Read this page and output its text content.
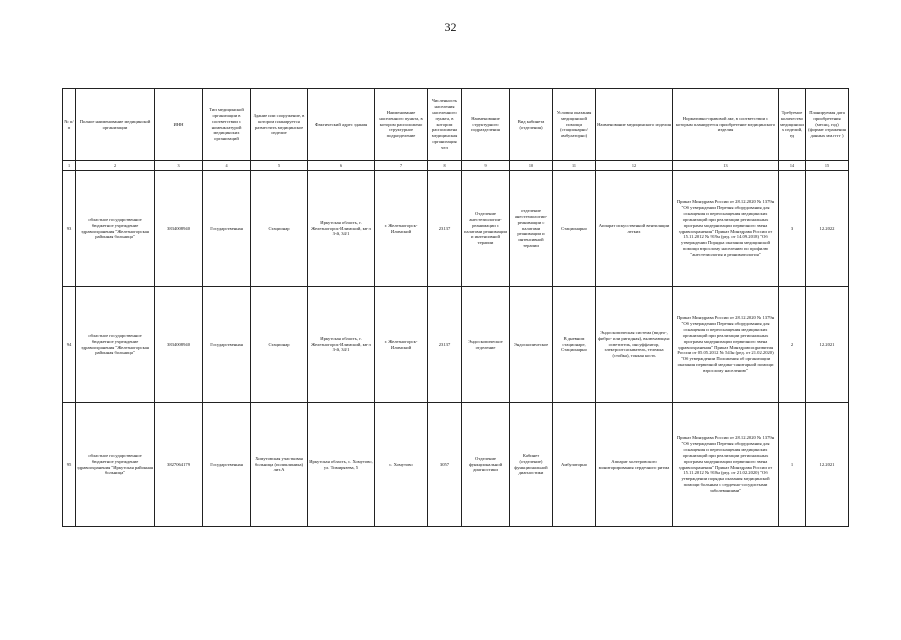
32
№ п/п	Полное наименование медицинской организации	ИНН	Тип медицинской организации в соответствии с номенклатурой медицинских организаций	Здание или сооружение, в котором планируется разместить медицинское изделие	Фактический адрес здания	Наименование населенного пункта, в котором расположено структурное подразделение	Численность населения населенного пункта, в котором расположена медицинская организация чел	Наименование структурного подразделения	Вид кабинета (отделения)	Условия оказания медицинской помощи (стационарно/амбулаторно)	Наименование медицинского изделия	Нормативно-правовой акт, в соответствии с которым планируется приобретение медицинского изделия	Требуемое количество медицинских изделий, ед	Планируемая дата приобретения (месяц, год) (формат отражения данных мм.гггг )
1	2	3	4	5	6	7	8	9	10	11	12	13	14	15
93	областное государственное бюджетное учреждение здравоохранения "Железногорская районная больница"	3834008940	Государственная	Стационар	Иркутская область, г. Железногорск-Илимский, кв-л 3-й, 34/1	г. Железногорск-Илимский	23137	Отделение анестезиологии-реанимации с палатами реанимации и интенсивной терапии	отделение анестезиологии-реанимации с палатами реанимации и интенсивной терапии	Стационарно	Аппарат искусственной вентиляции легких	Приказ Минздрава России от 28.12.2020 № 1379н "Об утверждении Перечня оборудования для оснащения и переоснащения медицинских организаций при реализации региональных программ модернизации первичного звена здравоохранения" Приказ Минздрава России от 15.11.2012 № 919н (ред. от 14.09.2018) "Об утверждении Порядка оказания медицинской помощи взрослому населению по профилю "анестезиология и реаниматология"	3	12.2022
94	областное государственное бюджетное учреждение здравоохранения "Железногорская районная больница"	3834008940	Государственная	Стационар	Иркутская область, г. Железногорск-Илимский, кв-л 3-й, 34/1	г. Железногорск-Илимский	23137	Эндоскопическое отделение	Эндоскопическое	В дневном стационаре, Стационарно	Эндоскопическая система (видео-, фибро- или ригидная), включающая: осветитель, инсуффлятор, электроотсасыватель, тележка (стойка), тонкая кость	Приказ Минздрава России от 28.12.2020 № 1379н "Об утверждении Перечня оборудования для оснащения и переоснащения медицинских организаций при реализации региональных программ модернизации первичного звена здравоохранения" Приказ Минздравсоцразвития России от 05.05.2012 № 543н (ред. от 21.02.2020) "Об утверждении Положения об организации оказания первичной медико-санитарной помощи взрослому населению"	2	12.2021
95	областное государственное бюджетное учреждение здравоохранения "Иркутская районная больница"	3827064179	Государственная	Хомутовская участковая больница (поликлиника) лит.А	Иркутская область, с. Хомутово, ул. Тимирязева, 5	с. Хомутово	3057	Отделение функциональной диагностики	Кабинет (отделение) функциональной диагностики	Амбулаторно	Аппарат холтеровского мониторирования сердечного ритма	Приказ Минздрава России от 28.12.2020 № 1379н "Об утверждении Перечня оборудования для оснащения и переоснащения медицинских организаций при реализации региональных программ модернизации первичного звена здравоохранения" Приказ Минздрава России от 15.11.2012 № 918н (ред. от 21.02.2020) "Об утверждении порядка оказания медицинской помощи больным с сердечно-сосудистыми заболеваниями"	1	12.2021
